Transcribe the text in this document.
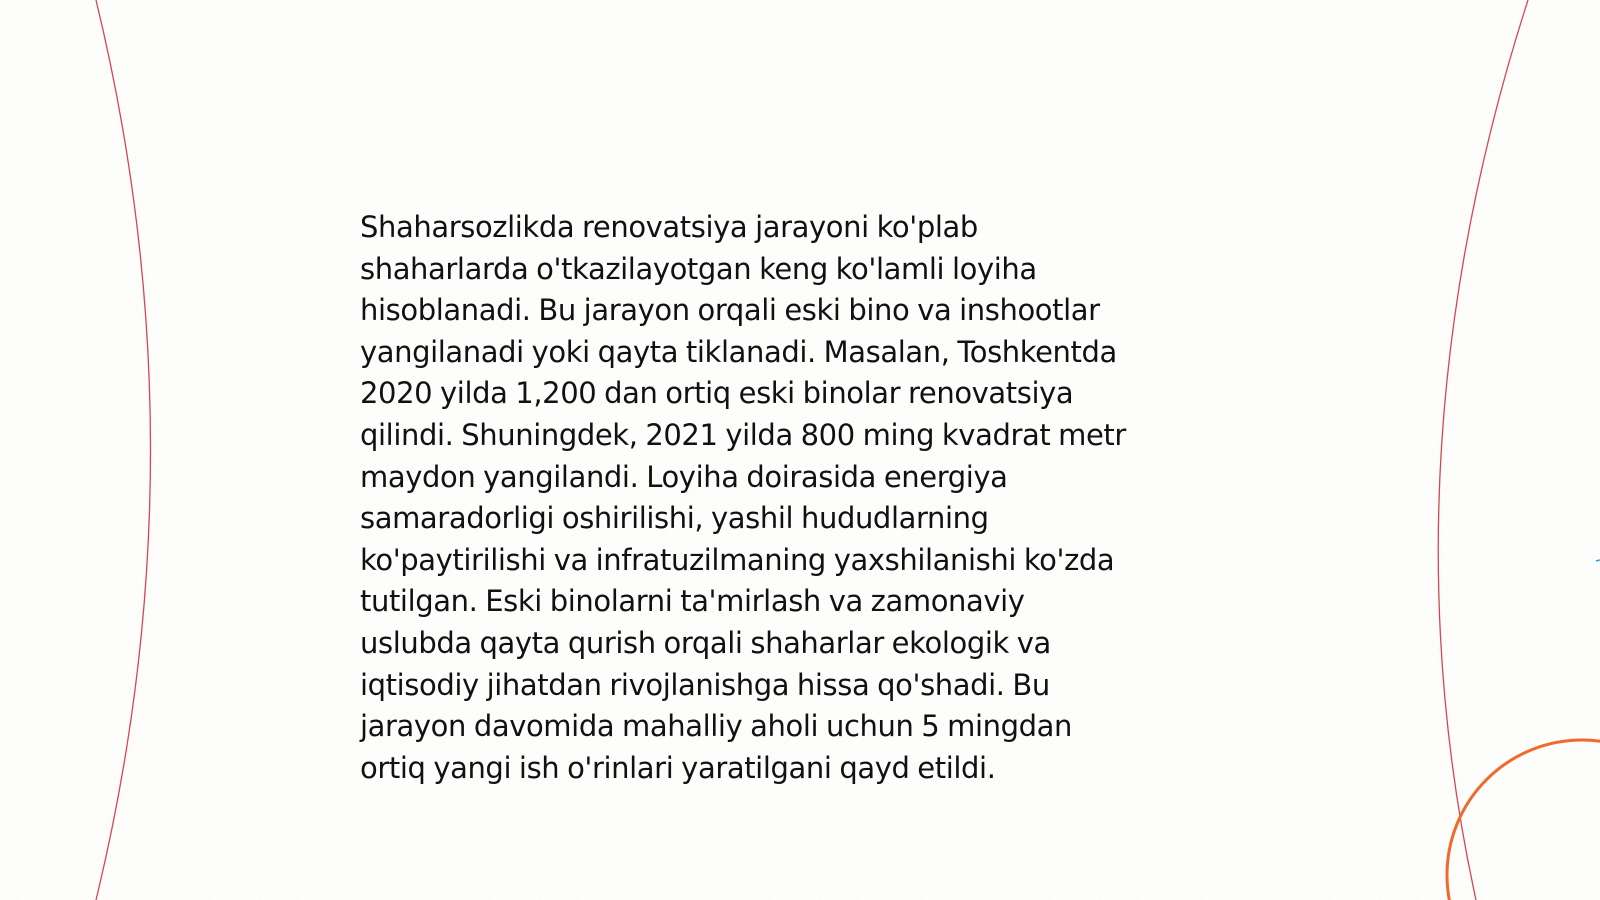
Shaharsozlikda renovatsiya jarayoni ko'plab
shaharlarda o'tkazilayotgan keng ko'lamli loyiha
hisoblanadi. Bu jarayon orqali eski bino va inshootlar
yangilanadi yoki qayta tiklanadi. Masalan, Toshkentda
2020 yilda 1,200 dan ortiq eski binolar renovatsiya
qilindi. Shuningdek, 2021 yilda 800 ming kvadrat metr
maydon yangilandi. Loyiha doirasida energiya
samaradorligi oshirilishi, yashil hududlarning
ko'paytirilishi va infratuzilmaning yaxshilanishi ko'zda
tutilgan. Eski binolarni ta'mirlash va zamonaviy
uslubda qayta qurish orqali shaharlar ekologik va
iqtisodiy jihatdan rivojlanishga hissa qo'shadi. Bu
jarayon davomida mahalliy aholi uchun 5 mingdan
ortiq yangi ish o'rinlari yaratilgani qayd etildi.
